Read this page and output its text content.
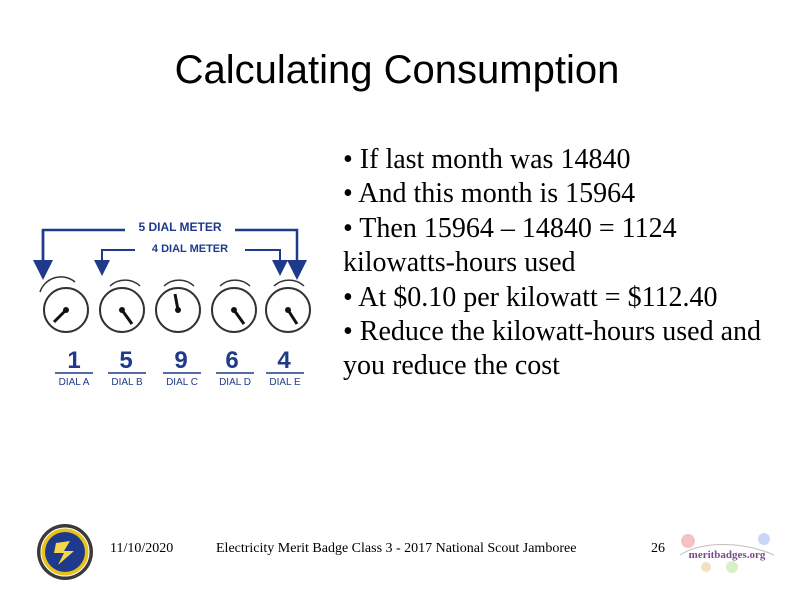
Calculating Consumption
5 DIAL METER
4 DIAL METER
1 5 9 6 4
DIAL A DIAL B DIAL C DIAL D DIAL E

• If last month was 14840

• And this month is 15964

• Then 15964 – 14840 = 1124 kilowatts-hours used

• At $0.10 per kilowatt = $112.40

• Reduce the kilowatt-hours used and you reduce the cost

11/10/2020	Electricity Merit Badge Class 3 - 2017 National Scout Jamboree	26 meritbadges.org
